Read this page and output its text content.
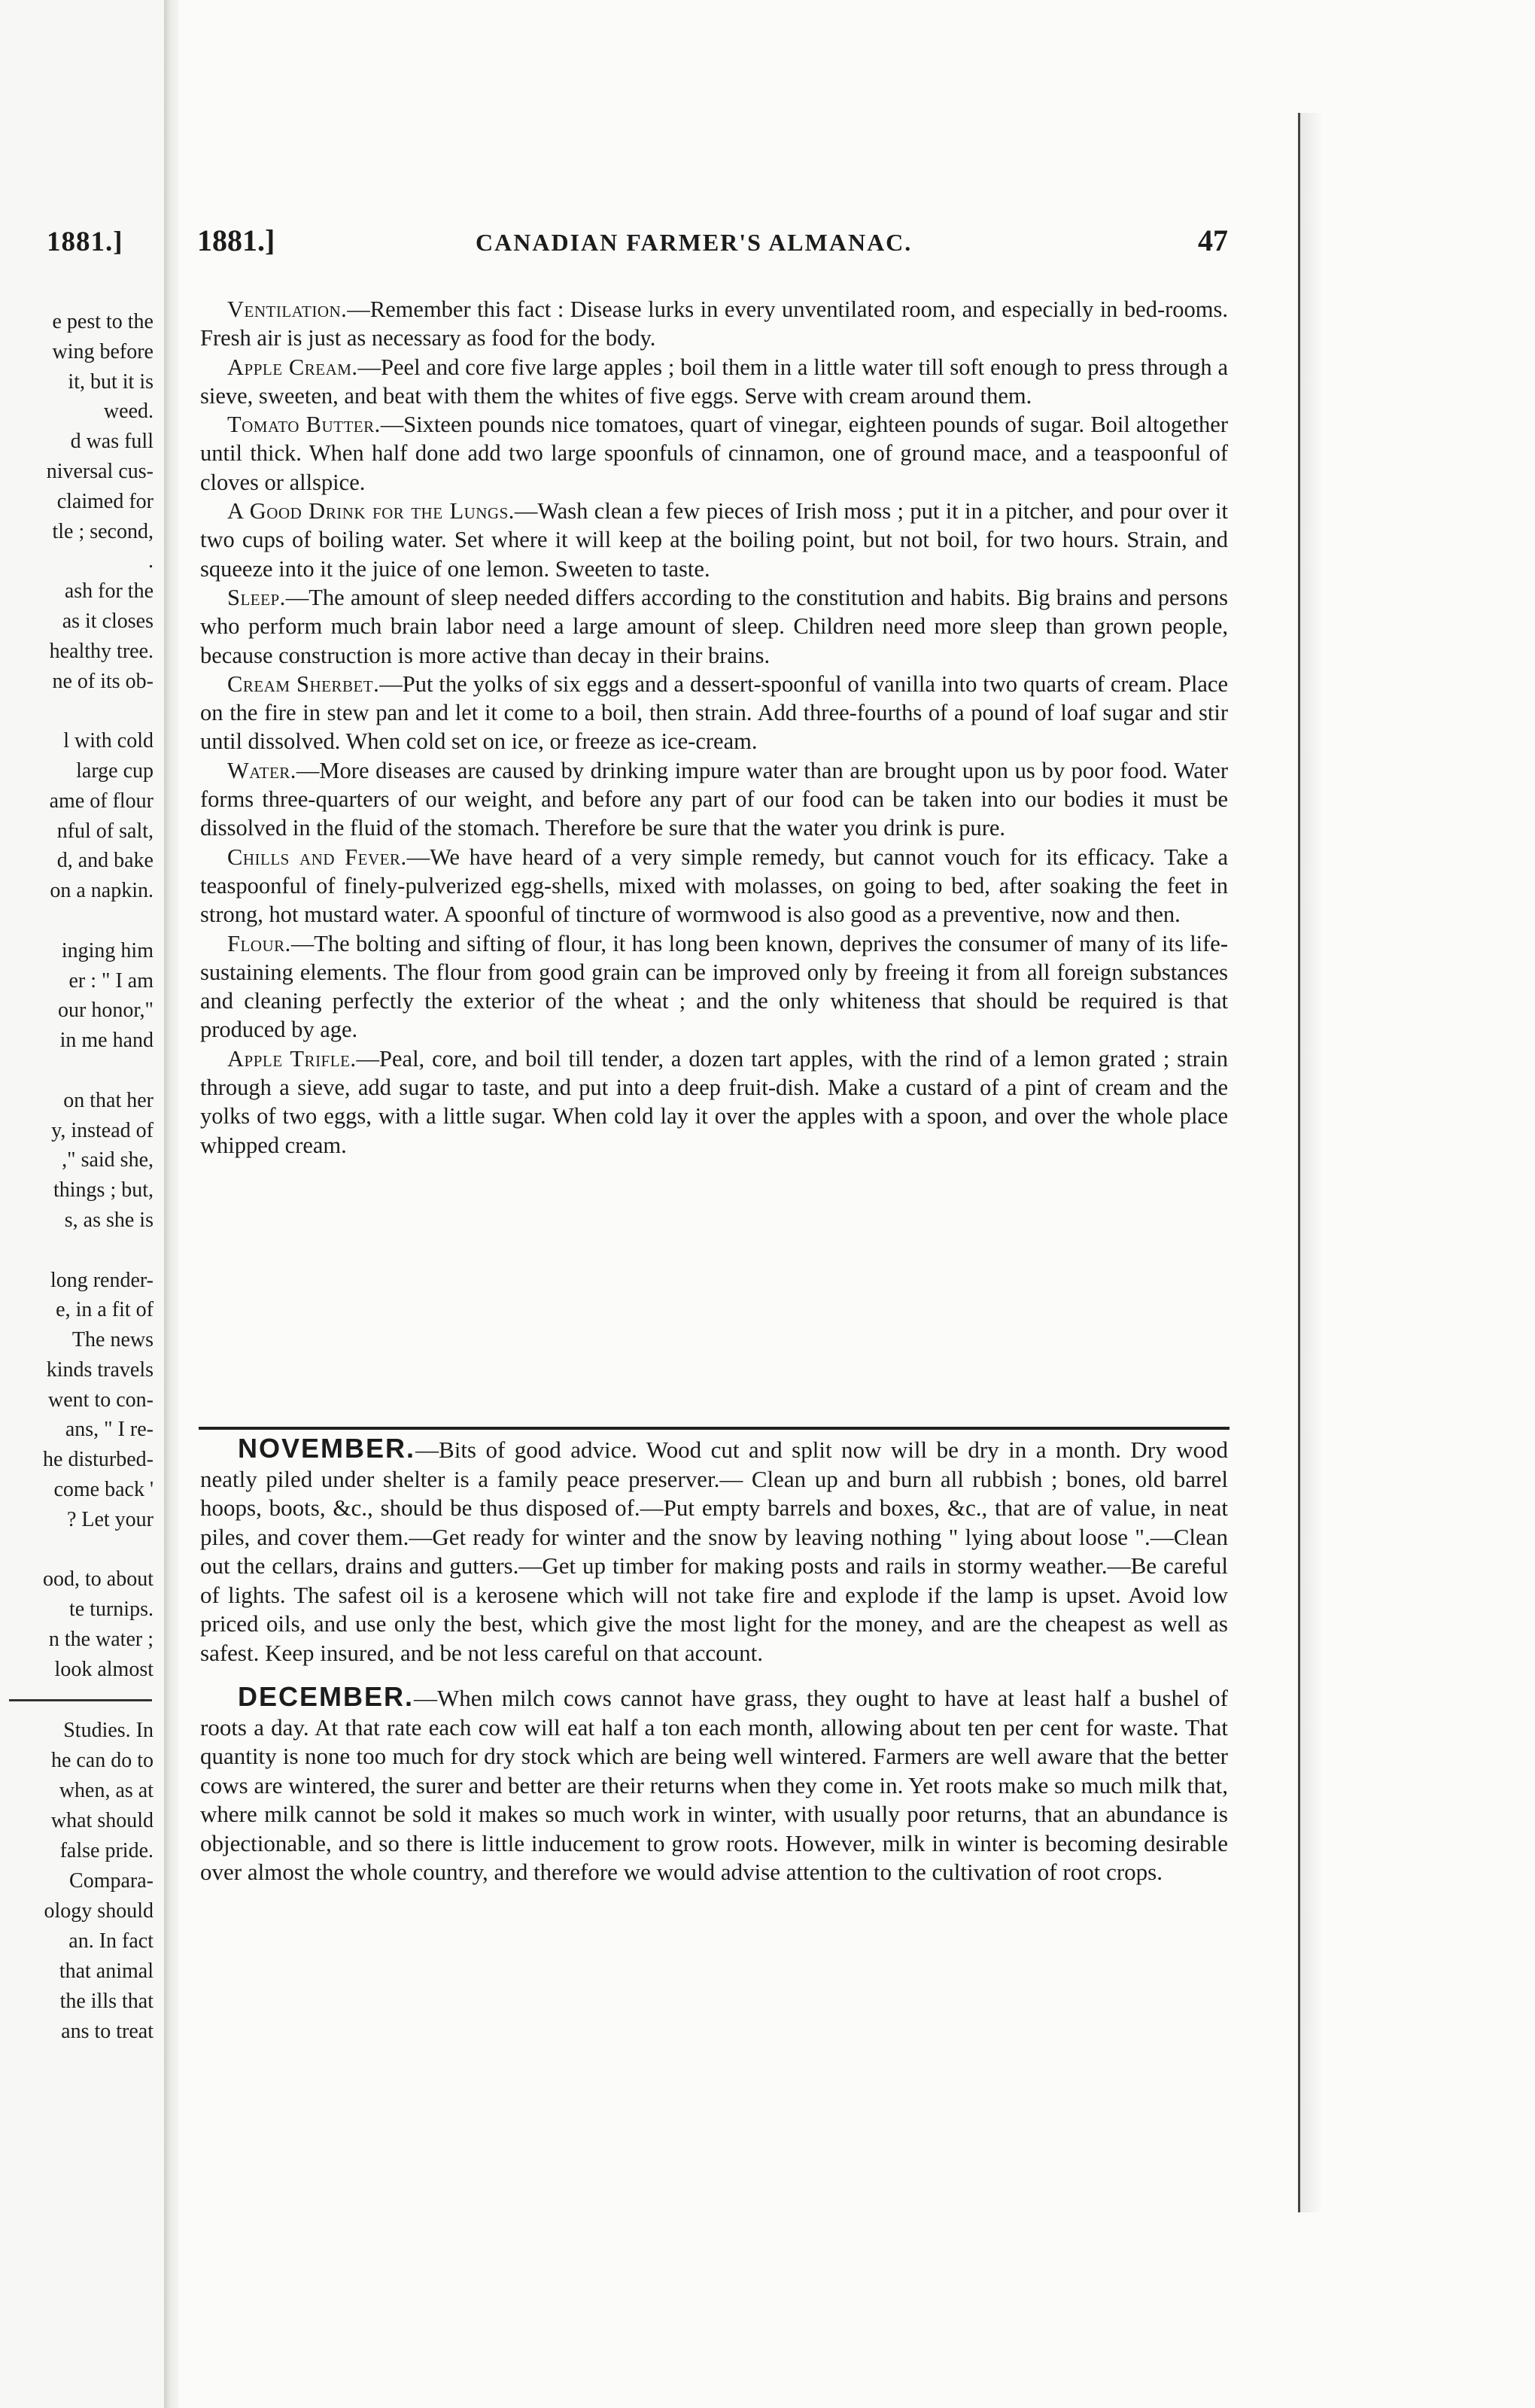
1881.]
e pest to the
wing before
it, but it is
weed.
d was full
niversal cus-
claimed for
tle ; second,
.
ash for the
as it closes
healthy tree.
ne of its ob-
l with cold
large cup
ame of flour
nful of salt,
d, and bake
on a napkin.
inging him
er : " I am
our honor,"
in me hand
on that her
y, instead of
," said she,
things ; but,
s, as she is
long render-
e, in a fit of
The news
kinds travels
went to con-
ans, " I re-
he disturbed-
come back '
? Let your
ood, to about
te turnips.
n the water ;
look almost
Studies. In
he can do to
when, as at
what should
false pride.
Compara-
ology should
an. In fact
that animal
the ills that
ans to treat
1881.]	CANADIAN FARMER'S ALMANAC.	47

Ventilation.—Remember this fact : Disease lurks in every unventilated room, and especially in bed-rooms. Fresh air is just as necessary as food for the body.

Apple Cream.—Peel and core five large apples ; boil them in a little water till soft enough to press through a sieve, sweeten, and beat with them the whites of five eggs. Serve with cream around them.

Tomato Butter.—Sixteen pounds nice tomatoes, quart of vinegar, eighteen pounds of sugar. Boil altogether until thick. When half done add two large spoonfuls of cinnamon, one of ground mace, and a teaspoonful of cloves or allspice.

A Good Drink for the Lungs.—Wash clean a few pieces of Irish moss ; put it in a pitcher, and pour over it two cups of boiling water. Set where it will keep at the boiling point, but not boil, for two hours. Strain, and squeeze into it the juice of one lemon. Sweeten to taste.

Sleep.—The amount of sleep needed differs according to the constitution and habits. Big brains and persons who perform much brain labor need a large amount of sleep. Children need more sleep than grown people, because construction is more active than decay in their brains.

Cream Sherbet.—Put the yolks of six eggs and a dessert-spoonful of vanilla into two quarts of cream. Place on the fire in stew pan and let it come to a boil, then strain. Add three-fourths of a pound of loaf sugar and stir until dissolved. When cold set on ice, or freeze as ice-cream.

Water.—More diseases are caused by drinking impure water than are brought upon us by poor food. Water forms three-quarters of our weight, and before any part of our food can be taken into our bodies it must be dissolved in the fluid of the stomach. Therefore be sure that the water you drink is pure.

Chills and Fever.—We have heard of a very simple remedy, but cannot vouch for its efficacy. Take a teaspoonful of finely-pulverized egg-shells, mixed with molasses, on going to bed, after soaking the feet in strong, hot mustard water. A spoonful of tincture of wormwood is also good as a preventive, now and then.

Flour.—The bolting and sifting of flour, it has long been known, deprives the consumer of many of its life-sustaining elements. The flour from good grain can be improved only by freeing it from all foreign substances and cleaning perfectly the exterior of the wheat ; and the only whiteness that should be required is that produced by age.

Apple Trifle.—Peal, core, and boil till tender, a dozen tart apples, with the rind of a lemon grated ; strain through a sieve, add sugar to taste, and put into a deep fruit-dish. Make a custard of a pint of cream and the yolks of two eggs, with a little sugar. When cold lay it over the apples with a spoon, and over the whole place whipped cream.

NOVEMBER.—Bits of good advice. Wood cut and split now will be dry in a month. Dry wood neatly piled under shelter is a family peace preserver.— Clean up and burn all rubbish ; bones, old barrel hoops, boots, &c., should be thus disposed of.—Put empty barrels and boxes, &c., that are of value, in neat piles, and cover them.—Get ready for winter and the snow by leaving nothing " lying about loose ".—Clean out the cellars, drains and gutters.—Get up timber for making posts and rails in stormy weather.—Be careful of lights. The safest oil is a kerosene which will not take fire and explode if the lamp is upset. Avoid low priced oils, and use only the best, which give the most light for the money, and are the cheapest as well as safest. Keep insured, and be not less careful on that account.

DECEMBER.—When milch cows cannot have grass, they ought to have at least half a bushel of roots a day. At that rate each cow will eat half a ton each month, allowing about ten per cent for waste. That quantity is none too much for dry stock which are being well wintered. Farmers are well aware that the better cows are wintered, the surer and better are their returns when they come in. Yet roots make so much milk that, where milk cannot be sold it makes so much work in winter, with usually poor returns, that an abundance is objectionable, and so there is little inducement to grow roots. However, milk in winter is becoming desirable over almost the whole country, and therefore we would advise attention to the cultivation of root crops.
